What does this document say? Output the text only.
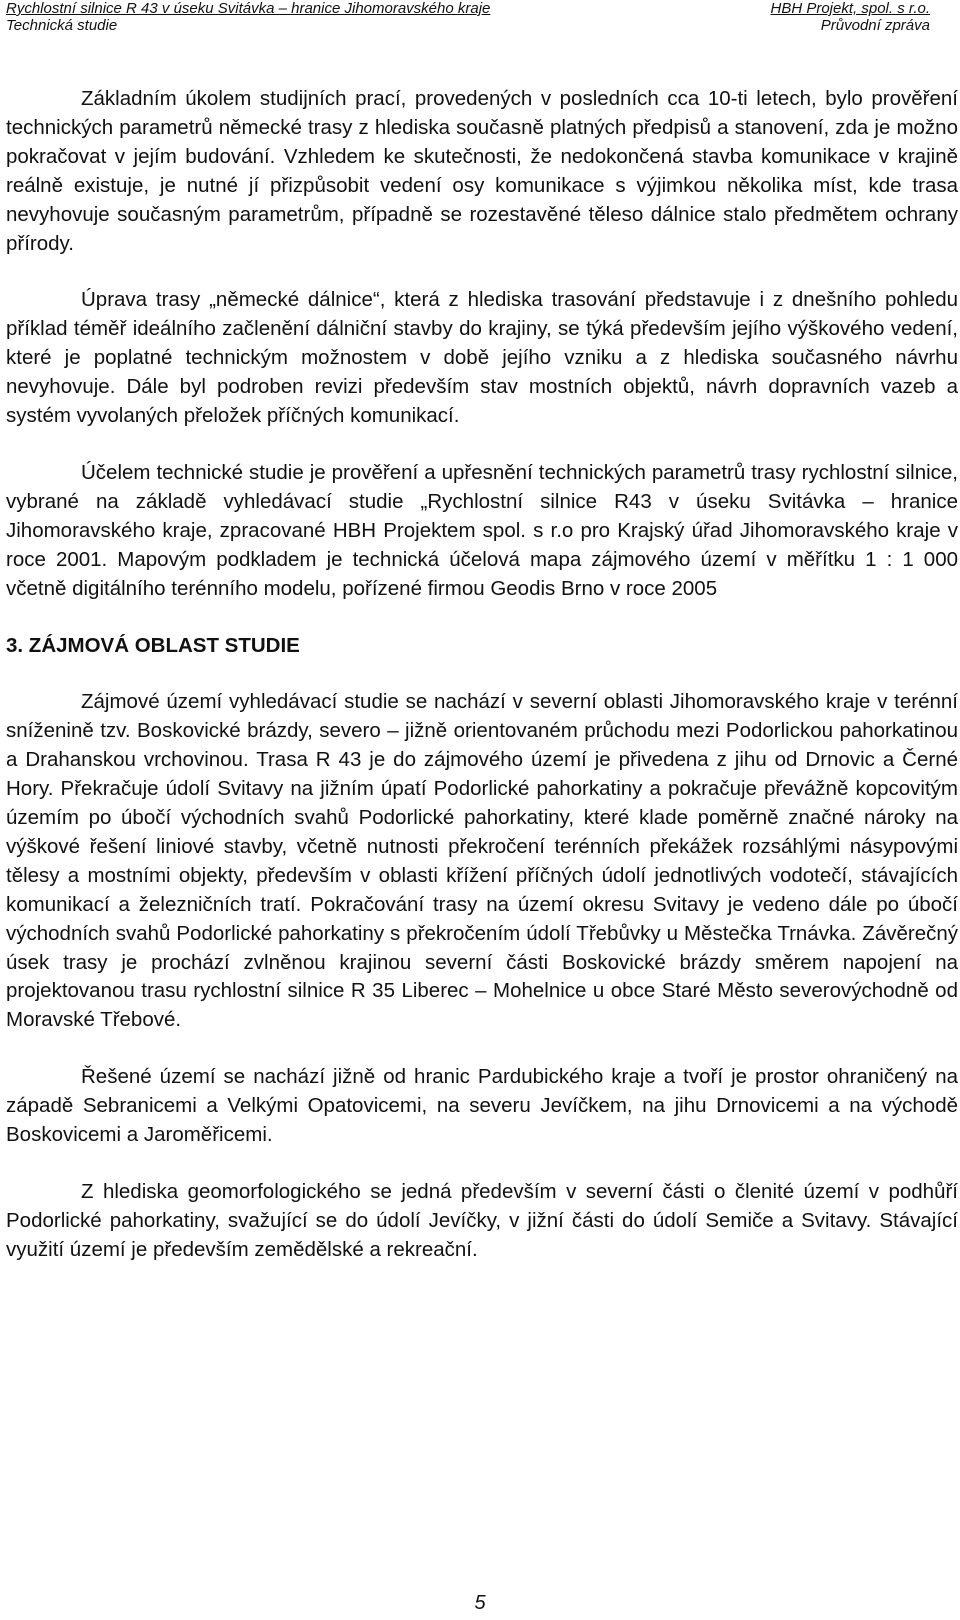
Rychlostní silnice R 43 v úseku Svitávka – hranice Jihomoravského kraje	HBH Projekt, spol. s r.o.
Technická studie	Průvodní zpráva

Základním úkolem studijních prací, provedených v posledních cca 10-ti letech, bylo prověření technických parametrů německé trasy z hlediska současně platných předpisů a stanovení, zda je možno pokračovat v jejím budování. Vzhledem ke skutečnosti, že nedokončená stavba komunikace v krajině reálně existuje, je nutné jí přizpůsobit vedení osy komunikace s výjimkou několika míst, kde trasa nevyhovuje současným parametrům, případně se rozestavěné těleso dálnice stalo předmětem ochrany přírody.

Úprava trasy „německé dálnice“, která z hlediska trasování představuje i z dnešního pohledu příklad téměř ideálního začlenění dálniční stavby do krajiny, se týká především jejího výškového vedení, které je poplatné technickým možnostem v době jejího vzniku a z hlediska současného návrhu nevyhovuje. Dále byl podroben revizi především stav mostních objektů, návrh dopravních vazeb a systém vyvolaných přeložek příčných komunikací.

Účelem technické studie je prověření a upřesnění technických parametrů trasy rychlostní silnice, vybrané na základě vyhledávací studie „Rychlostní silnice R43 v úseku Svitávka – hranice Jihomoravského kraje, zpracované HBH Projektem spol. s r.o pro Krajský úřad Jihomoravského kraje v roce 2001. Mapovým podkladem je technická účelová mapa zájmového území v měřítku 1 : 1 000 včetně digitálního terénního modelu, pořízené firmou Geodis Brno v roce 2005

3. ZÁJMOVÁ OBLAST STUDIE

Zájmové území vyhledávací studie se nachází v severní oblasti Jihomoravského kraje v terénní sníženině tzv. Boskovické brázdy, severo – jižně orientovaném průchodu mezi Podorlickou pahorkatinou a Drahanskou vrchovinou. Trasa R 43 je do zájmového území je přivedena z jihu od Drnovic a Černé Hory. Překračuje údolí Svitavy na jižním úpatí Podorlické pahorkatiny a pokračuje převážně kopcovitým územím po úbočí východních svahů Podorlické pahorkatiny, které klade poměrně značné nároky na výškové řešení liniové stavby, včetně nutnosti překročení terénních překážek rozsáhlými násypovými tělesy a mostními objekty, především v oblasti křížení příčných údolí jednotlivých vodotečí, stávajících komunikací a železničních tratí. Pokračování trasy na území okresu Svitavy je vedeno dále po úbočí východních svahů Podorlické pahorkatiny s překročením údolí Třebůvky u Městečka Trnávka. Závěrečný úsek trasy je prochází zvlněnou krajinou severní části Boskovické brázdy směrem napojení na projektovanou trasu rychlostní silnice R 35 Liberec – Mohelnice u obce Staré Město severovýchodně od Moravské Třebové.

Řešené území se nachází jižně od hranic Pardubického kraje a tvoří je prostor ohraničený na západě Sebranicemi a Velkými Opatovicemi, na severu Jevíčkem, na jihu Drnovicemi a na východě Boskovicemi a Jaroměřicemi.

Z hlediska geomorfologického se jedná především v severní části o členité území v podhůří Podorlické pahorkatiny, svažující se do údolí Jevíčky, v jižní části do údolí Semiče a Svitavy. Stávající využití území je především zemědělské a rekreační.

5
